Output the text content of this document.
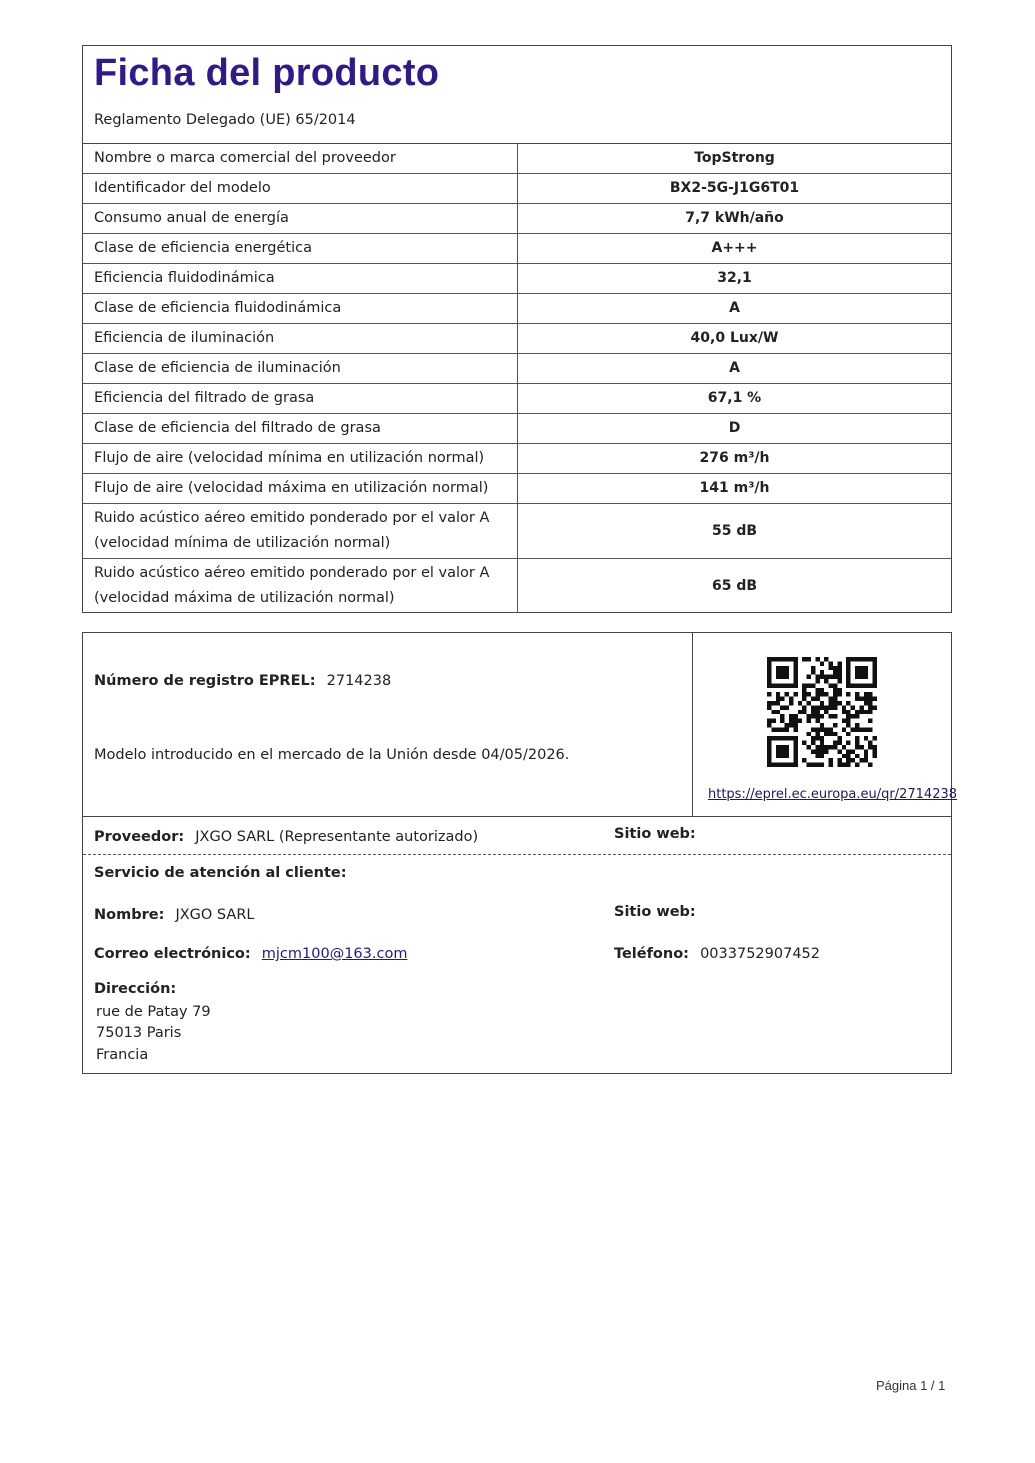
Ficha del producto
Reglamento Delegado (UE) 65/2014
Nombre o marca comercial del proveedor	TopStrong
Identificador del modelo	BX2-5G-J1G6T01
Consumo anual de energía	7,7 kWh/año
Clase de eficiencia energética	A+++
Eficiencia fluidodinámica	32,1
Clase de eficiencia fluidodinámica	A
Eficiencia de iluminación	40,0 Lux/W
Clase de eficiencia de iluminación	A
Eficiencia del filtrado de grasa	67,1 %
Clase de eficiencia del filtrado de grasa	D
Flujo de aire (velocidad mínima en utilización normal)	276 m³/h
Flujo de aire (velocidad máxima en utilización normal)	141 m³/h

Ruido acústico aéreo emitido ponderado por el valor A
(velocidad mínima de utilización normal)	55 dB

Ruido acústico aéreo emitido ponderado por el valor A
(velocidad máxima de utilización normal)	65 dB
Número de registro EPREL: 2714238
Modelo introducido en el mercado de la Unión desde 04/05/2026.
https://eprel.ec.europa.eu/qr/2714238
Proveedor: JXGO SARL (Representante autorizado)	Sitio web:
Servicio de atención al cliente:
Nombre: JXGO SARL	Sitio web:
Correo electrónico: mjcm100@163.com	Teléfono: 0033752907452
Dirección:
rue de Patay 79
75013 Paris
Francia
Página 1 / 1
